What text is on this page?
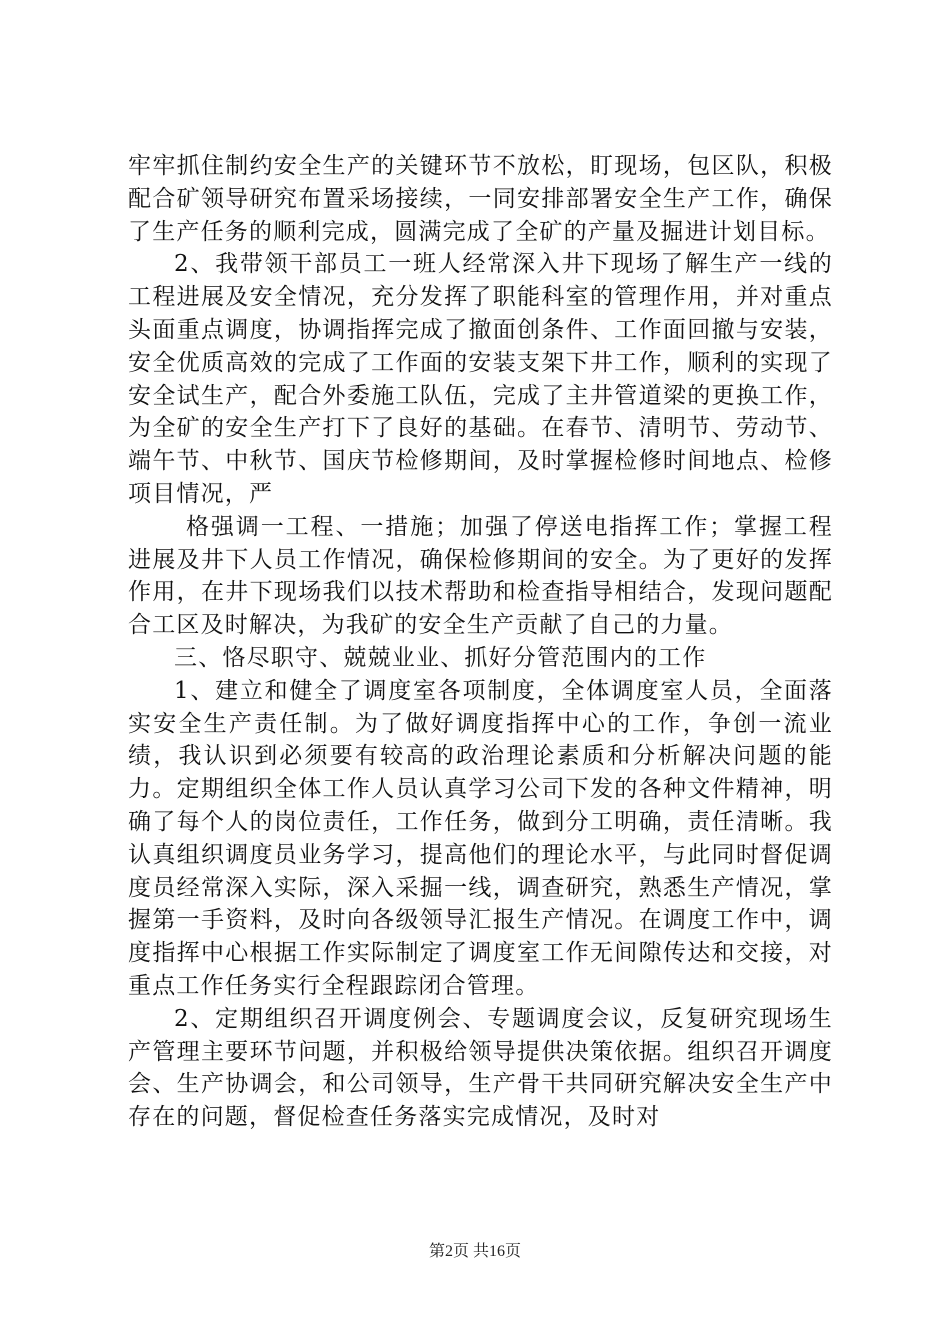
牢牢抓住制约安全生产的关键环节不放松，盯现场，包区队，积极配合矿领导研究布置采场接续，一同安排部署安全生产工作，确保了生产任务的顺利完成，圆满完成了全矿的产量及掘进计划目标。

2、我带领干部员工一班人经常深入井下现场了解生产一线的工程进展及安全情况，充分发挥了职能科室的管理作用，并对重点头面重点调度，协调指挥完成了撤面创条件、工作面回撤与安装，安全优质高效的完成了工作面的安装支架下井工作，顺利的实现了安全试生产，配合外委施工队伍，完成了主井管道梁的更换工作，为全矿的安全生产打下了良好的基础。在春节、清明节、劳动节、端午节、中秋节、国庆节检修期间，及时掌握检修时间地点、检修项目情况，严

格强调一工程、一措施；加强了停送电指挥工作；掌握工程进展及井下人员工作情况，确保检修期间的安全。为了更好的发挥作用，在井下现场我们以技术帮助和检查指导相结合，发现问题配合工区及时解决，为我矿的安全生产贡献了自己的力量。

三、恪尽职守、兢兢业业、抓好分管范围内的工作

1、建立和健全了调度室各项制度，全体调度室人员，全面落实安全生产责任制。为了做好调度指挥中心的工作，争创一流业绩，我认识到必须要有较高的政治理论素质和分析解决问题的能力。定期组织全体工作人员认真学习公司下发的各种文件精神，明确了每个人的岗位责任，工作任务，做到分工明确，责任清晰。我认真组织调度员业务学习，提高他们的理论水平，与此同时督促调度员经常深入实际，深入采掘一线，调查研究，熟悉生产情况，掌握第一手资料，及时向各级领导汇报生产情况。在调度工作中，调度指挥中心根据工作实际制定了调度室工作无间隙传达和交接，对重点工作任务实行全程跟踪闭合管理。

2、定期组织召开调度例会、专题调度会议，反复研究现场生产管理主要环节问题，并积极给领导提供决策依据。组织召开调度会、生产协调会，和公司领导，生产骨干共同研究解决安全生产中存在的问题，督促检查任务落实完成情况，及时对

第2页 共16页
